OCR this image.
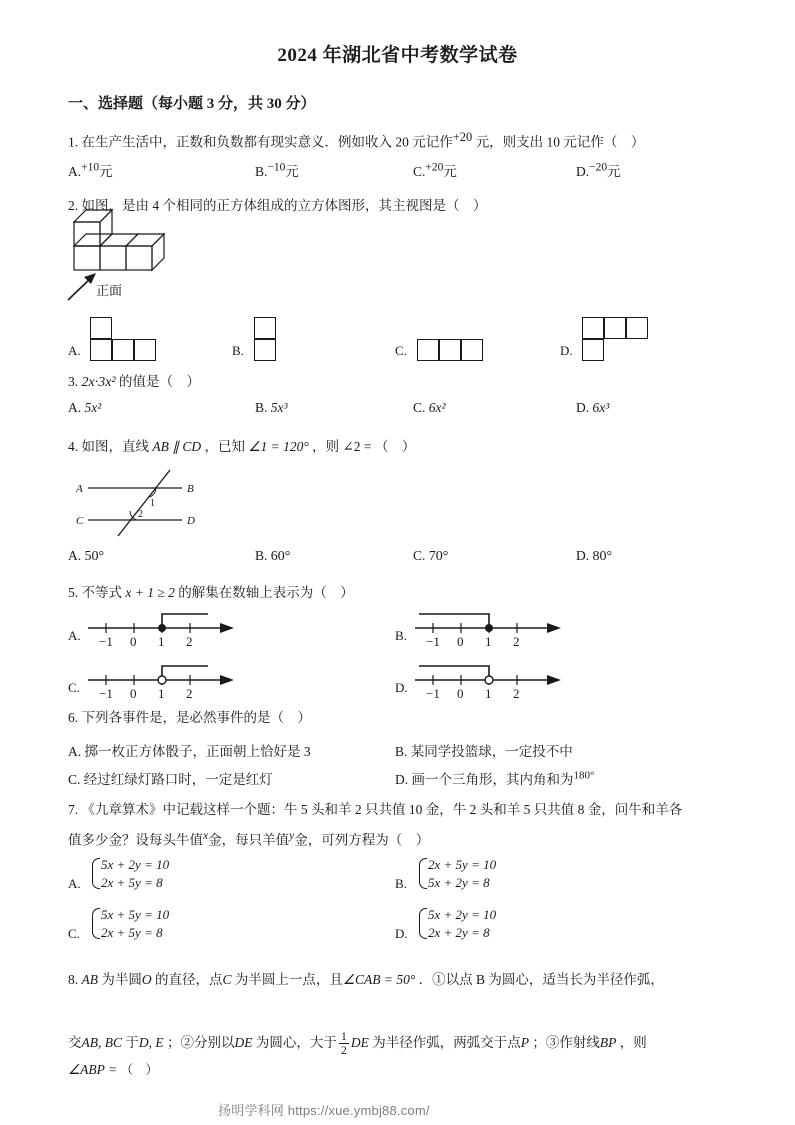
2024 年湖北省中考数学试卷
一、选择题（每小题 3 分，共 30 分）
1. 在生产生活中，正数和负数都有现实意义．例如收入 20 元记作+20 元，则支出 10 元记作（　）
A.+10元	B.−10元	C.+20元	D.−20元
2. 如图，是由 4 个相同的正方体组成的立方体图形，其主视图是（　）
正面
A.	B.	C.	D.
3. 2x·3x² 的值是（　）
A. 5x²	B. 5x³	C. 6x²	D. 6x³
4. 如图，直线 AB ∥ CD ，已知 ∠1 = 120° ，则 ∠2 = （　）
A	B
C	D
1
2
A. 50°	B. 60°	C. 70°	D. 80°
5. 不等式 x + 1 ≥ 2 的解集在数轴上表示为（　）
A. −1 0 1 2	B. −1 0 1 2
C. −1 0 1 2	D. −1 0 1 2
6. 下列各事件是，是必然事件的是（　）
A. 掷一枚正方体骰子，正面朝上恰好是 3	B. 某同学投篮球，一定投不中
C. 经过红绿灯路口时，一定是红灯	D. 画一个三角形，其内角和为$^{180^\circ}$
7. 《九章算术》中记载这样一个题：牛 5 头和羊 2 只共值 10 金，牛 2 头和羊 5 只共值 8 金，问牛和羊各
值多少金？设每头牛值x金，每只羊值y金，可列方程为（　）
A.
5x + 2y = 10
2x + 5y = 8	B.
2x + 5y = 10
5x + 2y = 8
C.
5x + 5y = 10
2x + 5y = 8	D.
5x + 2y = 10
2x + 2y = 8
8. AB 为半圆O 的直径，点C 为半圆上一点，且∠CAB = 50° ．①以点 B 为圆心，适当长为半径作弧，
交AB, BC 于D, E ；②分别以DE 为圆心，大于 $\frac{1}{2}$ DE 为半径作弧，两弧交于点P ；③作射线BP ，则
∠ABP = （　）
扬明学科网 https://xue.ymbj88.com/
